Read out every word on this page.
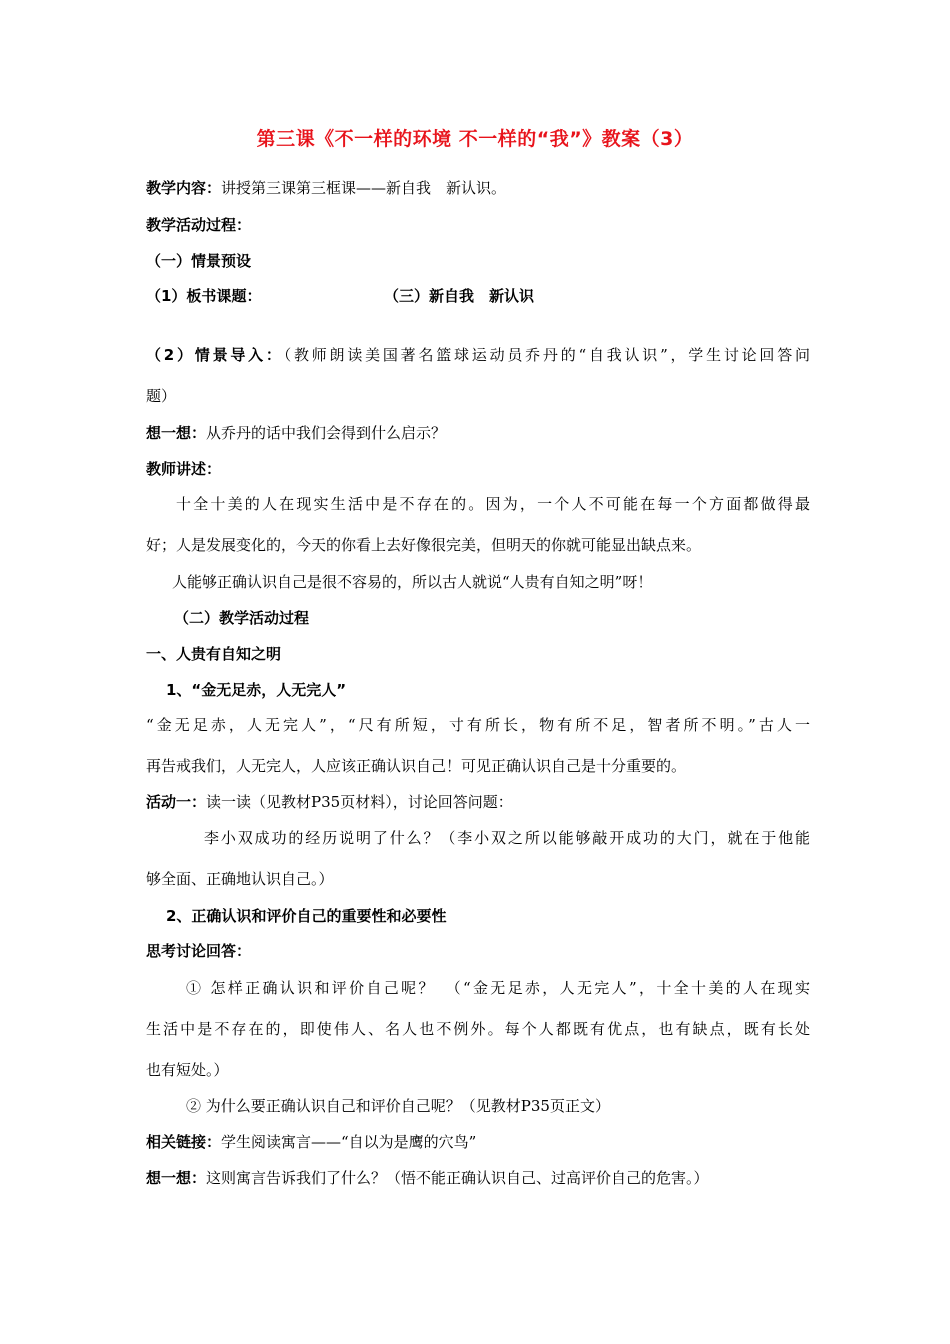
第三课《不一样的环境 不一样的“我”》教案（3）
教学内容：讲授第三课第三框课——新自我　新认识。
教学活动过程：
（一）情景预设
（1）板书课题：	（三）新自我　新认识
（2）情景导入：（教师朗读美国著名篮球运动员乔丹的“自我认识”，学生讨论回答问
题）
想一想：从乔丹的话中我们会得到什么启示？
教师讲述：
十全十美的人在现实生活中是不存在的。因为，一个人不可能在每一个方面都做得最
好；人是发展变化的，今天的你看上去好像很完美，但明天的你就可能显出缺点来。
人能够正确认识自己是很不容易的，所以古人就说“人贵有自知之明”呀！
（二）教学活动过程
一、人贵有自知之明
1、“金无足赤，人无完人”
“金无足赤，人无完人”，“尺有所短，寸有所长，物有所不足，智者所不明。”古人一
再告戒我们，人无完人，人应该正确认识自己！可见正确认识自己是十分重要的。
活动一：读一读（见教材P35页材料），讨论回答问题：
李小双成功的经历说明了什么？（李小双之所以能够敲开成功的大门，就在于他能
够全面、正确地认识自己。）
2、正确认识和评价自己的重要性和必要性
思考讨论回答：
① 怎样正确认识和评价自己呢？　（“金无足赤，人无完人”，十全十美的人在现实
生活中是不存在的，即使伟人、名人也不例外。每个人都既有优点，也有缺点，既有长处
也有短处。）
② 为什么要正确认识自己和评价自己呢？（见教材P35页正文）
相关链接：学生阅读寓言——“自以为是鹰的穴鸟”
想一想：这则寓言告诉我们了什么？（悟不能正确认识自己、过高评价自己的危害。）
